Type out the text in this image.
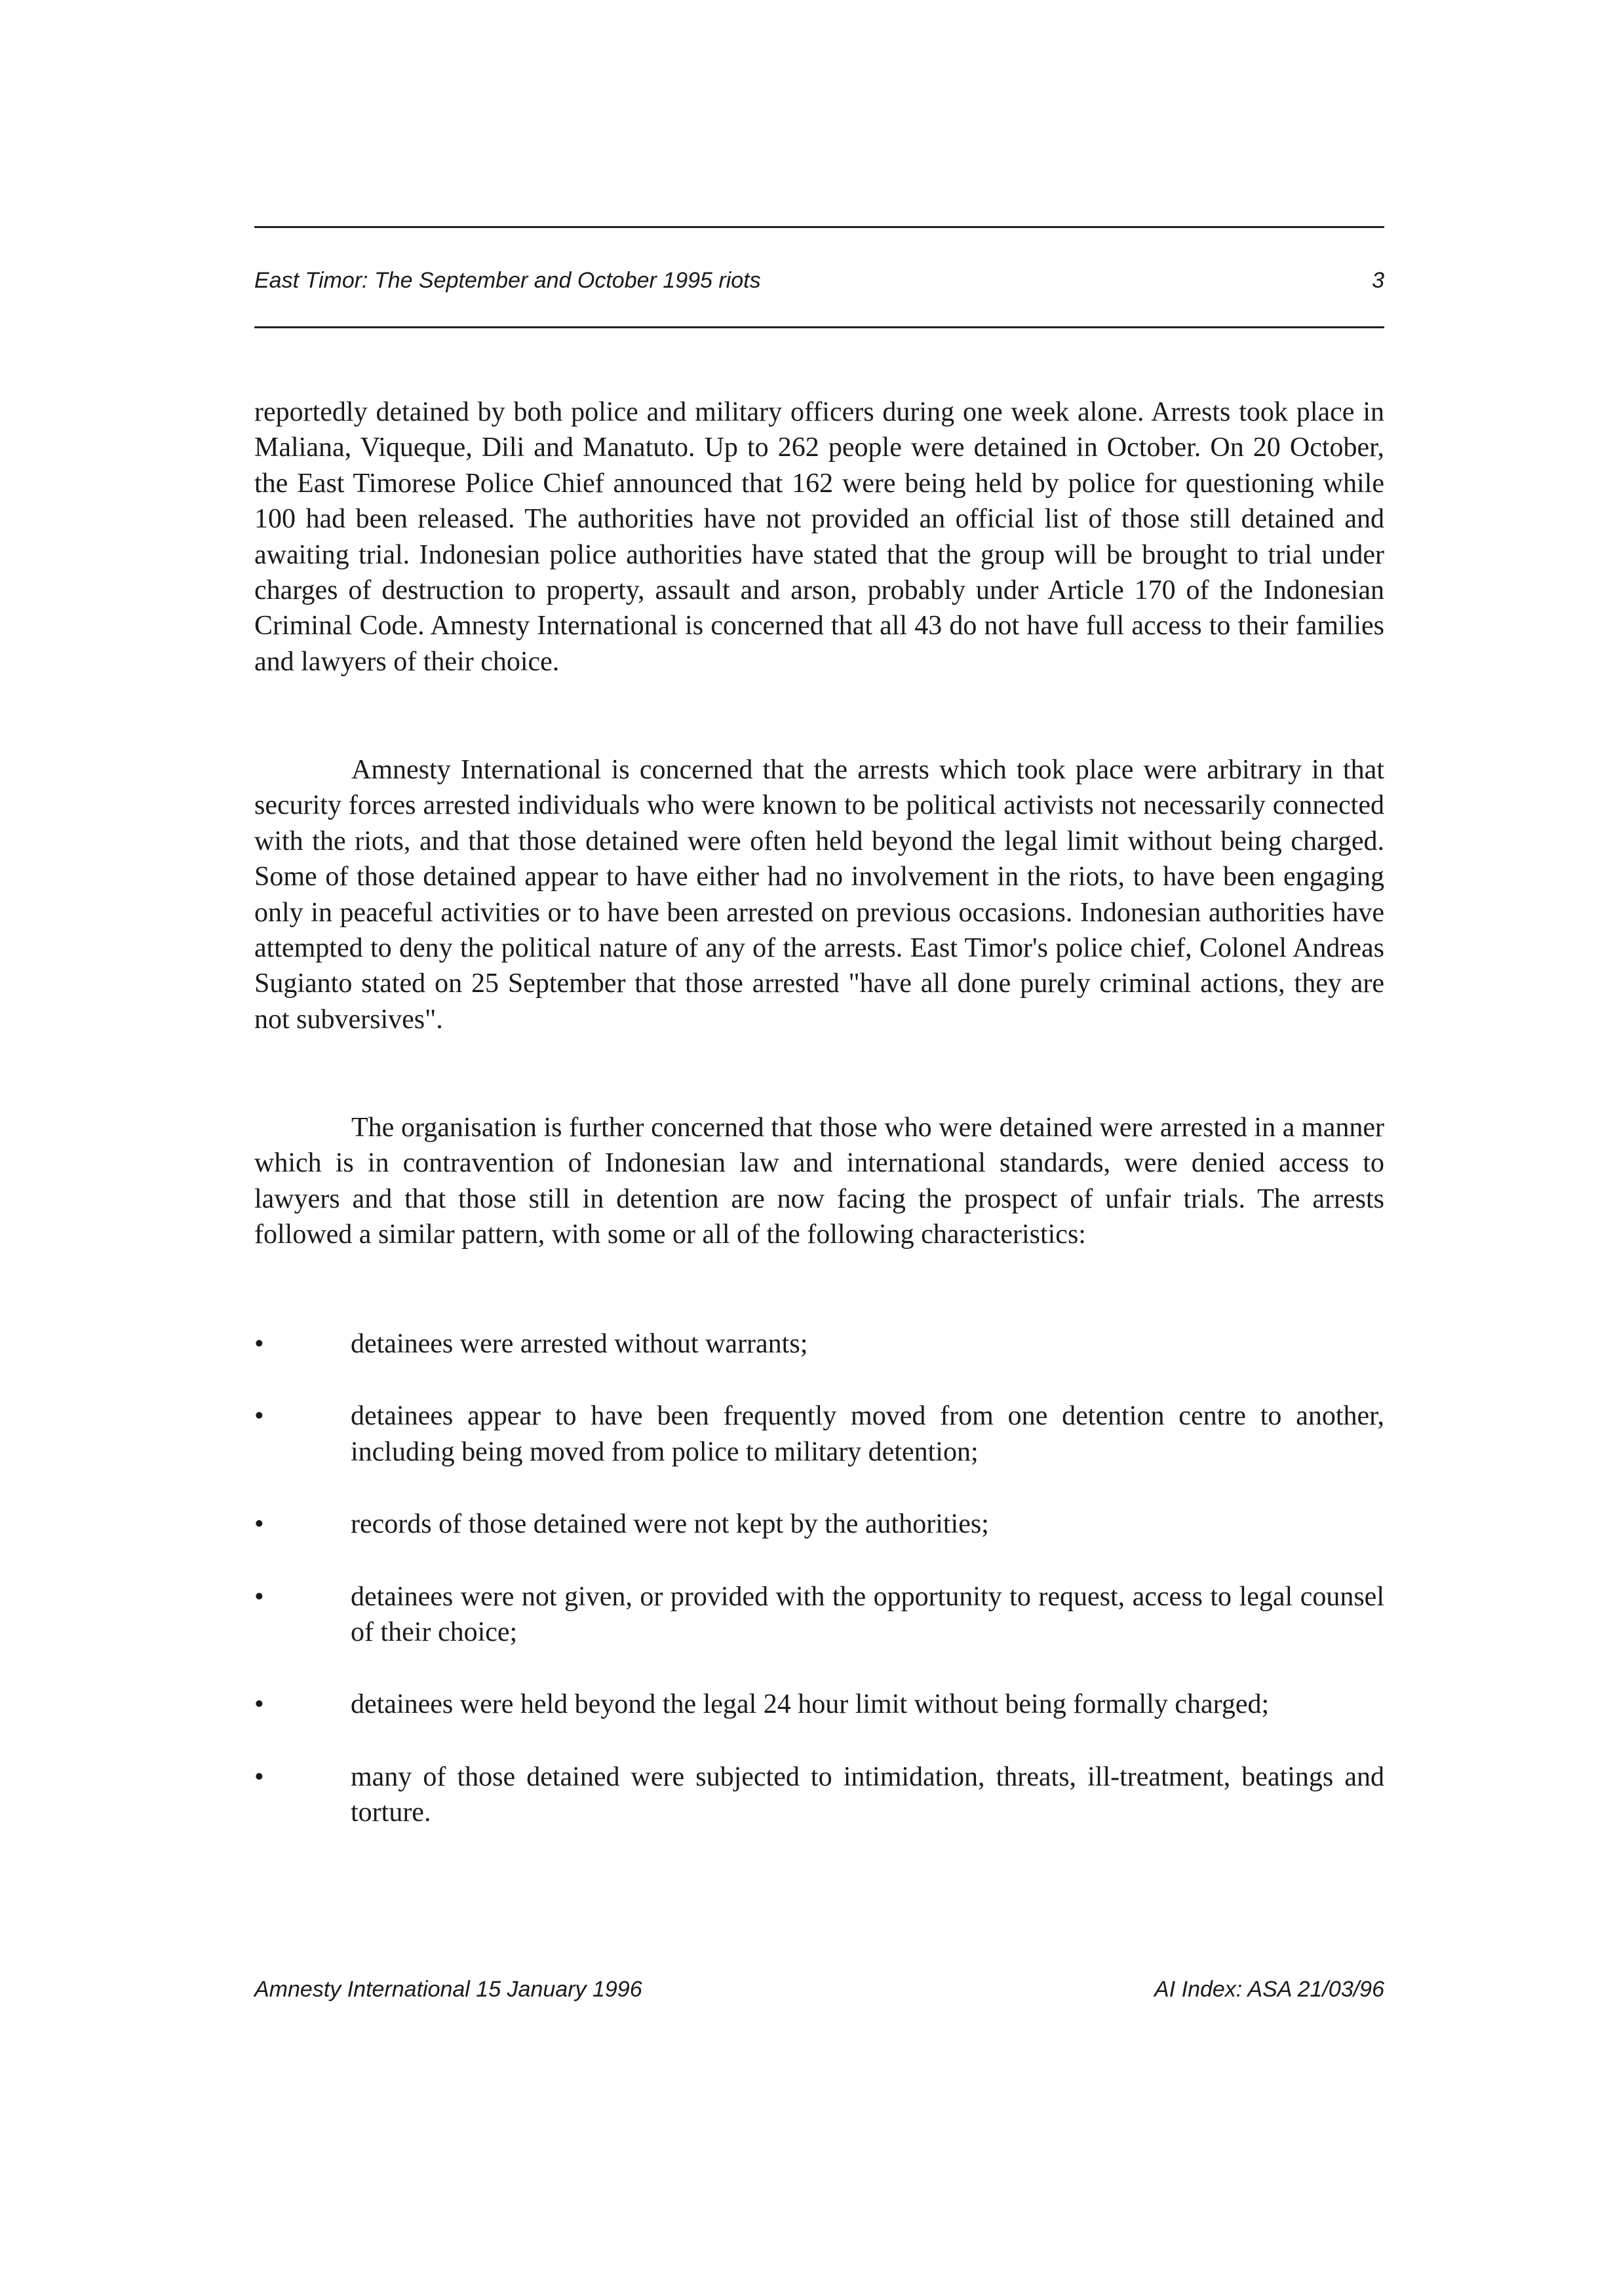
East Timor: The September and October 1995 riots	3

reportedly detained by both police and military officers during one week alone. Arrests took place in Maliana, Viqueque, Dili and Manatuto. Up to 262 people were detained in October. On 20 October, the East Timorese Police Chief announced that 162 were being held by police for questioning while 100 had been released. The authorities have not provided an official list of those still detained and awaiting trial. Indonesian police authorities have stated that the group will be brought to trial under charges of destruction to property, assault and arson, probably under Article 170 of the Indonesian Criminal Code. Amnesty International is concerned that all 43 do not have full access to their families and lawyers of their choice.

Amnesty International is concerned that the arrests which took place were arbitrary in that security forces arrested individuals who were known to be political activists not necessarily connected with the riots, and that those detained were often held beyond the legal limit without being charged. Some of those detained appear to have either had no involvement in the riots, to have been engaging only in peaceful activities or to have been arrested on previous occasions. Indonesian authorities have attempted to deny the political nature of any of the arrests. East Timor's police chief, Colonel Andreas Sugianto stated on 25 September that those arrested "have all done purely criminal actions, they are not subversives".

The organisation is further concerned that those who were detained were arrested in a manner which is in contravention of Indonesian law and international standards, were denied access to lawyers and that those still in detention are now facing the prospect of unfair trials. The arrests followed a similar pattern, with some or all of the following characteristics:

•	detainees were arrested without warrants;
•	detainees appear to have been frequently moved from one detention centre to another, including being moved from police to military detention;
•	records of those detained were not kept by the authorities;
•	detainees were not given, or provided with the opportunity to request, access to legal counsel of their choice;
•	detainees were held beyond the legal 24 hour limit without being formally charged;
•	many of those detained were subjected to intimidation, threats, ill-treatment, beatings and torture.
Amnesty International 15 January 1996	AI Index: ASA 21/03/96
